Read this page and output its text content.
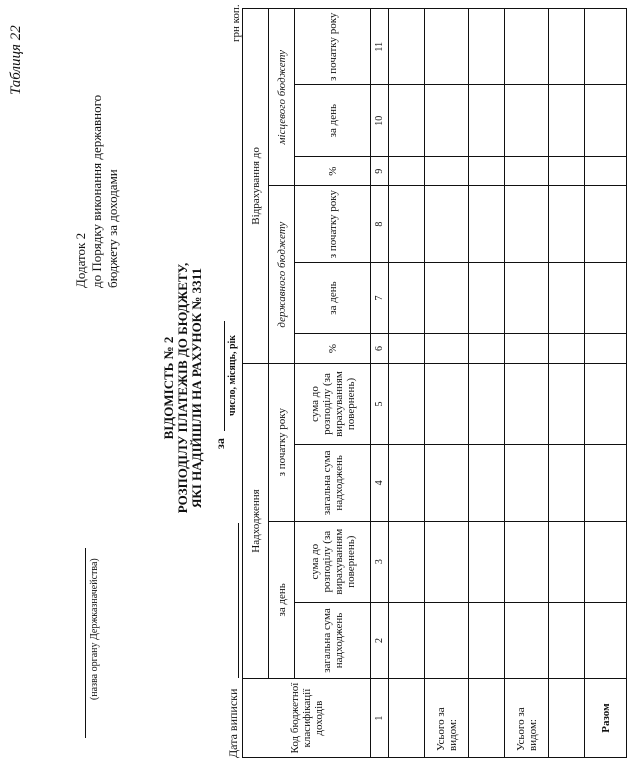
Таблиця 22
Додаток 2 до Порядку виконання державного бюджету за доходами
(назва органу Держказначейства)
ВІДОМІСТЬ № 2 РОЗПОДІЛУ ПЛАТЕЖІВ ДО БЮДЖЕТУ, ЯКІ НАДІЙШЛИ НА РАХУНОК № 3311 за
число, місяць, рік
Дата виписки
грн коп.
Код бюджетної класифікації доходів	Надходження				Відрахування до					
	за день		з початку року		державного бюджету			місцевого бюджету		
	загальна сума надходжень	сума до розподілу (за вирахуванням повернень)	загальна сума надходжень	сума до розподілу (за вирахуванням повернень)	%	за день	з початку року	%	за день	з початку року
1	2	3	4	5	6	7	8	9	10	11

Усього за видом:										

Усього за видом:										

Разом										
